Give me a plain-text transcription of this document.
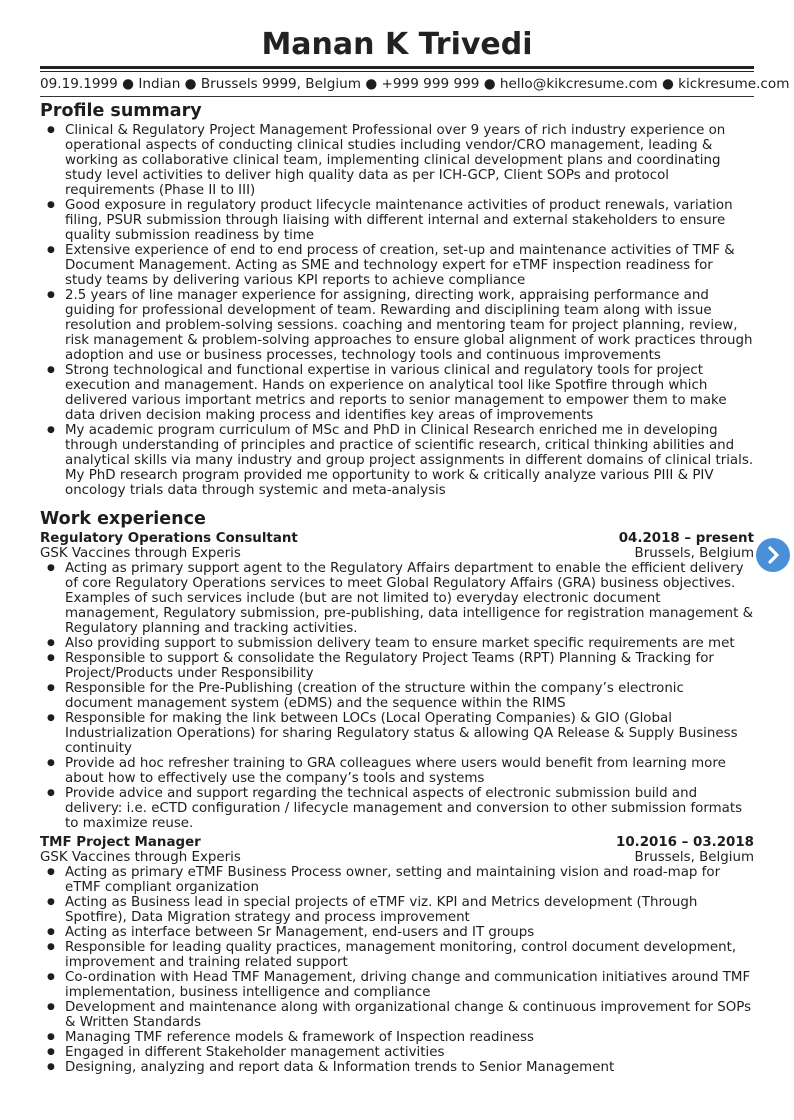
Manan K Trivedi
09.19.1999 ● Indian ● Brussels 9999, Belgium ● +999 999 999 ● hello@kikcresume.com ● kickresume.com
Profile summary
● Clinical & Regulatory Project Management Professional over 9 years of rich industry experience on operational aspects of conducting clinical studies including vendor/CRO management, leading & working as collaborative clinical team, implementing clinical development plans and coordinating study level activities to deliver high quality data as per ICH-GCP, Client SOPs and protocol requirements (Phase II to III)
● Good exposure in regulatory product lifecycle maintenance activities of product renewals, variation filing, PSUR submission through liaising with different internal and external stakeholders to ensure quality submission readiness by time
● Extensive experience of end to end process of creation, set-up and maintenance activities of TMF & Document Management. Acting as SME and technology expert for eTMF inspection readiness for study teams by delivering various KPI reports to achieve compliance
● 2.5 years of line manager experience for assigning, directing work, appraising performance and guiding for professional development of team. Rewarding and disciplining team along with issue resolution and problem-solving sessions. coaching and mentoring team for project planning, review, risk management & problem-solving approaches to ensure global alignment of work practices through adoption and use or business processes, technology tools and continuous improvements
● Strong technological and functional expertise in various clinical and regulatory tools for project execution and management. Hands on experience on analytical tool like Spotfire through which delivered various important metrics and reports to senior management to empower them to make data driven decision making process and identifies key areas of improvements
● My academic program curriculum of MSc and PhD in Clinical Research enriched me in developing through understanding of principles and practice of scientific research, critical thinking abilities and analytical skills via many industry and group project assignments in different domains of clinical trials. My PhD research program provided me opportunity to work & critically analyze various PIII & PIV oncology trials data through systemic and meta-analysis
Work experience
Regulatory Operations Consultant	04.2018 – present
GSK Vaccines through Experis	Brussels, Belgium
● Acting as primary support agent to the Regulatory Affairs department to enable the efficient delivery of core Regulatory Operations services to meet Global Regulatory Affairs (GRA) business objectives. Examples of such services include (but are not limited to) everyday electronic document management, Regulatory submission, pre-publishing, data intelligence for registration management & Regulatory planning and tracking activities.
● Also providing support to submission delivery team to ensure market specific requirements are met
● Responsible to support & consolidate the Regulatory Project Teams (RPT) Planning & Tracking for Project/Products under Responsibility
● Responsible for the Pre-Publishing (creation of the structure within the company’s electronic document management system (eDMS) and the sequence within the RIMS
● Responsible for making the link between LOCs (Local Operating Companies) & GIO (Global Industrialization Operations) for sharing Regulatory status & allowing QA Release & Supply Business continuity
● Provide ad hoc refresher training to GRA colleagues where users would benefit from learning more about how to effectively use the company’s tools and systems
● Provide advice and support regarding the technical aspects of electronic submission build and delivery: i.e. eCTD configuration / lifecycle management and conversion to other submission formats to maximize reuse.
TMF Project Manager	10.2016 – 03.2018
GSK Vaccines through Experis	Brussels, Belgium
● Acting as primary eTMF Business Process owner, setting and maintaining vision and road-map for eTMF compliant organization
● Acting as Business lead in special projects of eTMF viz. KPI and Metrics development (Through Spotfire), Data Migration strategy and process improvement
● Acting as interface between Sr Management, end-users and IT groups
● Responsible for leading quality practices, management monitoring, control document development, improvement and training related support
● Co-ordination with Head TMF Management, driving change and communication initiatives around TMF implementation, business intelligence and compliance
● Development and maintenance along with organizational change & continuous improvement for SOPs & Written Standards
● Managing TMF reference models & framework of Inspection readiness
● Engaged in different Stakeholder management activities
● Designing, analyzing and report data & Information trends to Senior Management
